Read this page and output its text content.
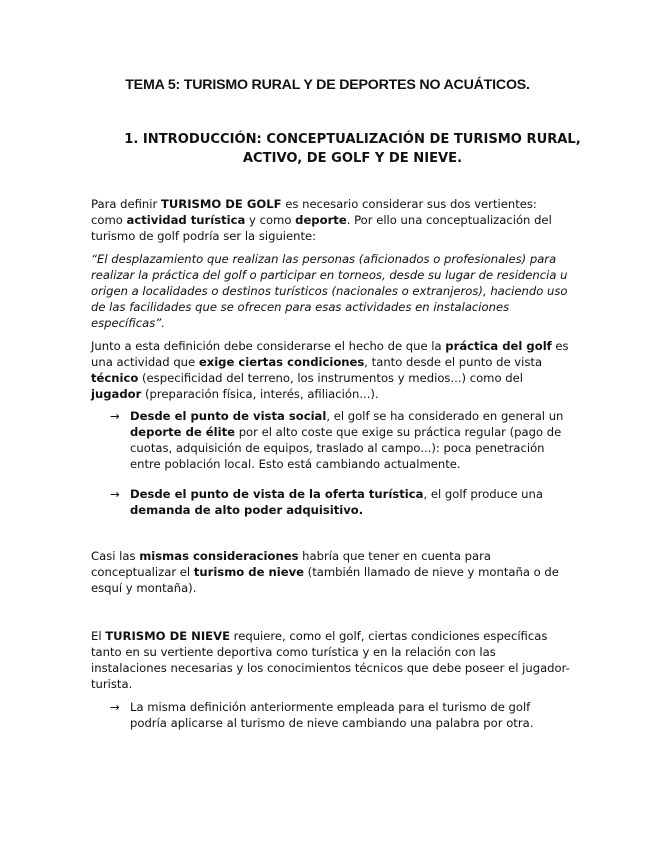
TEMA 5: TURISMO RURAL Y DE DEPORTES NO ACUÁTICOS.
1. INTRODUCCIÓN: CONCEPTUALIZACIÓN DE TURISMO RURAL,
ACTIVO, DE GOLF Y DE NIEVE.

Para definir TURISMO DE GOLF es necesario considerar sus dos vertientes: como actividad turística y como deporte. Por ello una conceptualización del turismo de golf podría ser la siguiente:

“El desplazamiento que realizan las personas (aficionados o profesionales) para realizar la práctica del golf o participar en torneos, desde su lugar de residencia u origen a localidades o destinos turísticos (nacionales o extranjeros), haciendo uso de las facilidades que se ofrecen para esas actividades en instalaciones específicas”.

Junto a esta definición debe considerarse el hecho de que la práctica del golf es una actividad que exige ciertas condiciones, tanto desde el punto de vista técnico (especificidad del terreno, los instrumentos y medios...) como del jugador (preparación física, interés, afiliación...).

→ Desde el punto de vista social, el golf se ha considerado en general un deporte de élite por el alto coste que exige su práctica regular (pago de cuotas, adquisición de equipos, traslado al campo...): poca penetración entre población local. Esto está cambiando actualmente.
→ Desde el punto de vista de la oferta turística, el golf produce una demanda de alto poder adquisitivo.

Casi las mismas consideraciones habría que tener en cuenta para conceptualizar el turismo de nieve (también llamado de nieve y montaña o de esquí y montaña).

El TURISMO DE NIEVE requiere, como el golf, ciertas condiciones específicas tanto en su vertiente deportiva como turística y en la relación con las instalaciones necesarias y los conocimientos técnicos que debe poseer el jugador-turista.

→ La misma definición anteriormente empleada para el turismo de golf podría aplicarse al turismo de nieve cambiando una palabra por otra.
